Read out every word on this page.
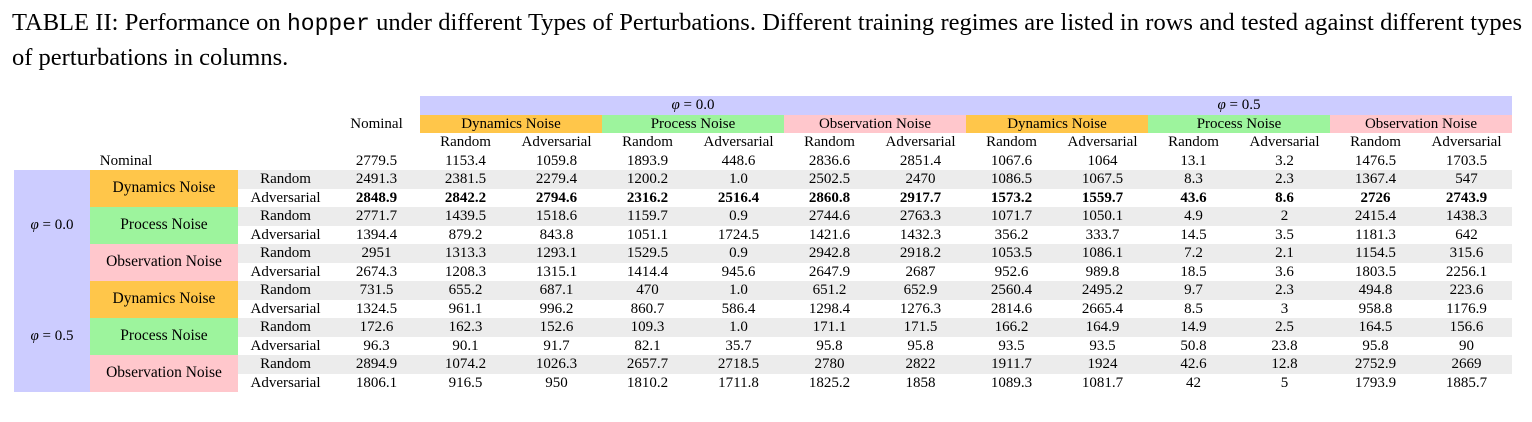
TABLE II: Performance on hopper under different Types of Perturbations. Different training regimes are listed in rows and tested against different types of perturbations in columns.
				φ = 0.0						φ = 0.5					
			Nominal	Dynamics Noise		Process Noise		Observation Noise		Dynamics Noise		Process Noise		Observation Noise	
				Random	Adversarial	Random	Adversarial	Random	Adversarial	Random	Adversarial	Random	Adversarial	Random	Adversarial
Nominal			2779.5	1153.4	1059.8	1893.9	448.6	2836.6	2851.4	1067.6	1064	13.1	3.2	1476.5	1703.5
φ = 0.0	Dynamics Noise	Random	2491.3	2381.5	2279.4	1200.2	1.0	2502.5	2470	1086.5	1067.5	8.3	2.3	1367.4	547
		Adversarial	2848.9	2842.2	2794.6	2316.2	2516.4	2860.8	2917.7	1573.2	1559.7	43.6	8.6	2726	2743.9
	Process Noise	Random	2771.7	1439.5	1518.6	1159.7	0.9	2744.6	2763.3	1071.7	1050.1	4.9	2	2415.4	1438.3
		Adversarial	1394.4	879.2	843.8	1051.1	1724.5	1421.6	1432.3	356.2	333.7	14.5	3.5	1181.3	642
	Observation Noise	Random	2951	1313.3	1293.1	1529.5	0.9	2942.8	2918.2	1053.5	1086.1	7.2	2.1	1154.5	315.6
		Adversarial	2674.3	1208.3	1315.1	1414.4	945.6	2647.9	2687	952.6	989.8	18.5	3.6	1803.5	2256.1
φ = 0.5	Dynamics Noise	Random	731.5	655.2	687.1	470	1.0	651.2	652.9	2560.4	2495.2	9.7	2.3	494.8	223.6
		Adversarial	1324.5	961.1	996.2	860.7	586.4	1298.4	1276.3	2814.6	2665.4	8.5	3	958.8	1176.9
	Process Noise	Random	172.6	162.3	152.6	109.3	1.0	171.1	171.5	166.2	164.9	14.9	2.5	164.5	156.6
		Adversarial	96.3	90.1	91.7	82.1	35.7	95.8	95.8	93.5	93.5	50.8	23.8	95.8	90
	Observation Noise	Random	2894.9	1074.2	1026.3	2657.7	2718.5	2780	2822	1911.7	1924	42.6	12.8	2752.9	2669
		Adversarial	1806.1	916.5	950	1810.2	1711.8	1825.2	1858	1089.3	1081.7	42	5	1793.9	1885.7
